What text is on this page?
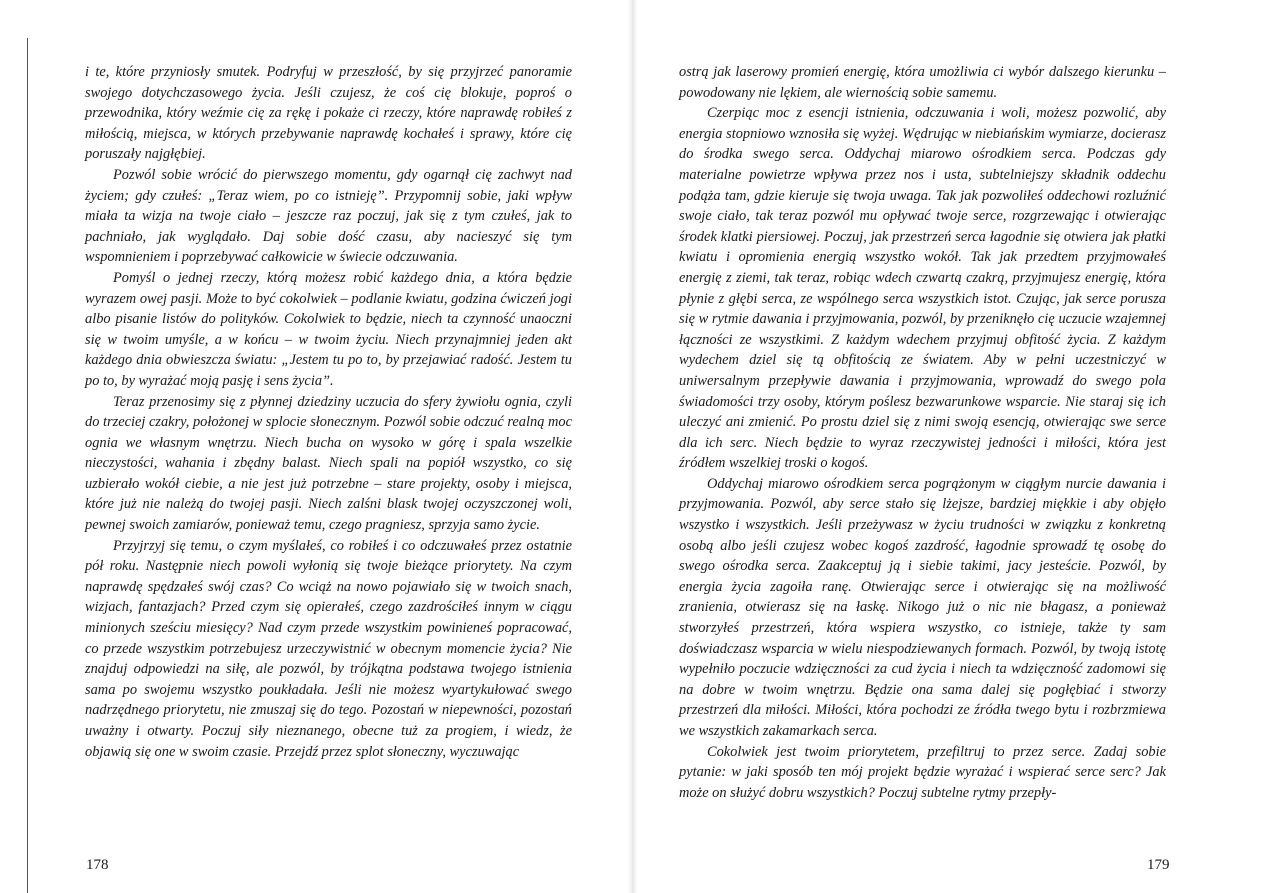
i te, które przyniosły smutek. Podryfuj w przeszłość, by się przyjrzeć panoramie swojego dotychczasowego życia. Jeśli czujesz, że coś cię blokuje, poproś o przewodnika, który weźmie cię za rękę i pokaże ci rzeczy, które naprawdę robiłeś z miłością, miejsca, w których przebywanie naprawdę kochałeś i sprawy, które cię poruszały najgłębiej.

Pozwól sobie wrócić do pierwszego momentu, gdy ogarnął cię zachwyt nad życiem; gdy czułeś: „Teraz wiem, po co istnieję”. Przypomnij sobie, jaki wpływ miała ta wizja na twoje ciało – jeszcze raz poczuj, jak się z tym czułeś, jak to pachniało, jak wyglądało. Daj sobie dość czasu, aby nacieszyć się tym wspomnieniem i poprzebywać całkowicie w świecie odczuwania.

Pomyśl o jednej rzeczy, którą możesz robić każdego dnia, a która będzie wyrazem owej pasji. Może to być cokolwiek – podlanie kwiatu, godzina ćwiczeń jogi albo pisanie listów do polityków. Cokolwiek to będzie, niech ta czynność unaoczni się w twoim umyśle, a w końcu – w twoim życiu. Niech przynajmniej jeden akt każdego dnia obwieszcza światu: „Jestem tu po to, by przejawiać radość. Jestem tu po to, by wyrażać moją pasję i sens życia”.

Teraz przenosimy się z płynnej dziedziny uczucia do sfery żywiołu ognia, czyli do trzeciej czakry, położonej w splocie słonecznym. Pozwól sobie odczuć realną moc ognia we własnym wnętrzu. Niech bucha on wysoko w górę i spala wszelkie nieczystości, wahania i zbędny balast. Niech spali na popiół wszystko, co się uzbierało wokół ciebie, a nie jest już potrzebne – stare projekty, osoby i miejsca, które już nie należą do twojej pasji. Niech zalśni blask twojej oczyszczonej woli, pewnej swoich zamiarów, ponieważ temu, czego pragniesz, sprzyja samo życie.

Przyjrzyj się temu, o czym myślałeś, co robiłeś i co odczuwałeś przez ostatnie pół roku. Następnie niech powoli wyłonią się twoje bieżące priorytety. Na czym naprawdę spędzałeś swój czas? Co wciąż na nowo pojawiało się w twoich snach, wizjach, fantazjach? Przed czym się opierałeś, czego zazdrościłeś innym w ciągu minionych sześciu miesięcy? Nad czym przede wszystkim powinieneś popracować, co przede wszystkim potrzebujesz urzeczywistnić w obecnym momencie życia? Nie znajduj odpowiedzi na siłę, ale pozwól, by trójkątna podstawa twojego istnienia sama po swojemu wszystko poukładała. Jeśli nie możesz wyartykułować swego nadrzędnego priorytetu, nie zmuszaj się do tego. Pozostań w niepewności, pozostań uważny i otwarty. Poczuj siły nieznanego, obecne tuż za progiem, i wiedz, że objawią się one w swoim czasie. Przejdź przez splot słoneczny, wyczuwając

ostrą jak laserowy promień energię, która umożliwia ci wybór dalszego kierunku – powodowany nie lękiem, ale wiernością sobie samemu.

Czerpiąc moc z esencji istnienia, odczuwania i woli, możesz pozwolić, aby energia stopniowo wznosiła się wyżej. Wędrując w niebiańskim wymiarze, docierasz do środka swego serca. Oddychaj miarowo ośrodkiem serca. Podczas gdy materialne powietrze wpływa przez nos i usta, subtelniejszy składnik oddechu podąża tam, gdzie kieruje się twoja uwaga. Tak jak pozwoliłeś oddechowi rozluźnić swoje ciało, tak teraz pozwól mu opływać twoje serce, rozgrzewając i otwierając środek klatki piersiowej. Poczuj, jak przestrzeń serca łagodnie się otwiera jak płatki kwiatu i opromienia energią wszystko wokół. Tak jak przedtem przyjmowałeś energię z ziemi, tak teraz, robiąc wdech czwartą czakrą, przyjmujesz energię, która płynie z głębi serca, ze wspólnego serca wszystkich istot. Czując, jak serce porusza się w rytmie dawania i przyjmowania, pozwól, by przeniknęło cię uczucie wzajemnej łączności ze wszystkimi. Z każdym wdechem przyjmuj obfitość życia. Z każdym wydechem dziel się tą obfitością ze światem. Aby w pełni uczestniczyć w uniwersalnym przepływie dawania i przyjmowania, wprowadź do swego pola świadomości trzy osoby, którym poślesz bezwarunkowe wsparcie. Nie staraj się ich uleczyć ani zmienić. Po prostu dziel się z nimi swoją esencją, otwierając swe serce dla ich serc. Niech będzie to wyraz rzeczywistej jedności i miłości, która jest źródłem wszelkiej troski o kogoś.

Oddychaj miarowo ośrodkiem serca pogrążonym w ciągłym nurcie dawania i przyjmowania. Pozwól, aby serce stało się lżejsze, bardziej miękkie i aby objęło wszystko i wszystkich. Jeśli przeżywasz w życiu trudności w związku z konkretną osobą albo jeśli czujesz wobec kogoś zazdrość, łagodnie sprowadź tę osobę do swego ośrodka serca. Zaakceptuj ją i siebie takimi, jacy jesteście. Pozwól, by energia życia zagoiła ranę. Otwierając serce i otwierając się na możliwość zranienia, otwierasz się na łaskę. Nikogo już o nic nie błagasz, a ponieważ stworzyłeś przestrzeń, która wspiera wszystko, co istnieje, także ty sam doświadczasz wsparcia w wielu niespodziewanych formach. Pozwól, by twoją istotę wypełniło poczucie wdzięczności za cud życia i niech ta wdzięczność zadomowi się na dobre w twoim wnętrzu. Będzie ona sama dalej się pogłębiać i stworzy przestrzeń dla miłości. Miłości, która pochodzi ze źródła twego bytu i rozbrzmiewa we wszystkich zakamarkach serca.

Cokolwiek jest twoim priorytetem, przefiltruj to przez serce. Zadaj sobie pytanie: w jaki sposób ten mój projekt będzie wyrażać i wspierać serce serc? Jak może on służyć dobru wszystkich? Poczuj subtelne rytmy przepły-

178	179
